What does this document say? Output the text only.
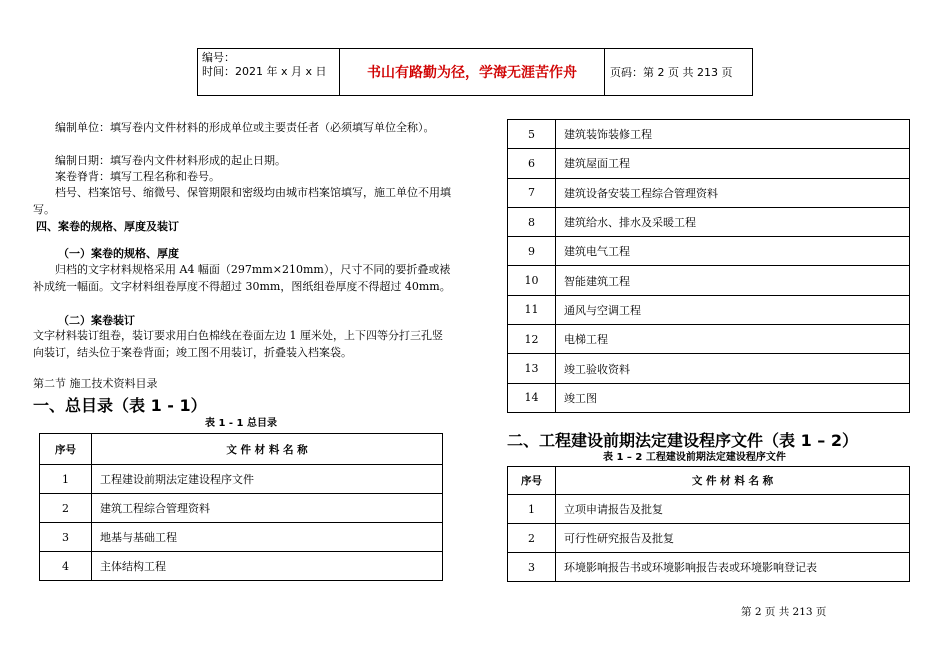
编号：
时间：2021 年 x 月 x 日	书山有路勤为径，学海无涯苦作舟	页码：第 2 页 共 213 页
编制单位：填写卷内文件材料的形成单位或主要责任者（必须填写单位全称）。
编制日期：填写卷内文件材料形成的起止日期。
案卷脊背：填写工程名称和卷号。
档号、档案馆号、缩微号、保管期限和密级均由城市档案馆填写，施工单位不用填写。
四、案卷的规格、厚度及装订
（一）案卷的规格、厚度
归档的文字材料规格采用 A4 幅面（297mm×210mm），尺寸不同的要折叠或裱补成统一幅面。文字材料组卷厚度不得超过 30mm，图纸组卷厚度不得超过 40mm。
（二）案卷装订
文字材料装订组卷，装订要求用白色棉线在卷面左边 1 厘米处，上下四等分打三孔竖向装订，结头位于案卷背面；竣工图不用装订，折叠装入档案袋。
第二节 施工技术资料目录
一、总目录（表 1 - 1）
表 1 - 1 总目录
序号	文 件 材 料 名 称
1	工程建设前期法定建设程序文件
2	建筑工程综合管理资料
3	地基与基础工程
4	主体结构工程
5	建筑装饰装修工程
6	建筑屋面工程
7	建筑设备安装工程综合管理资料
8	建筑给水、排水及采暖工程
9	建筑电气工程
10	智能建筑工程
11	通风与空调工程
12	电梯工程
13	竣工验收资料
14	竣工图
二、工程建设前期法定建设程序文件（表 1 – 2）
表 1 – 2 工程建设前期法定建设程序文件
序号	文 件 材 料 名 称
1	立项申请报告及批复
2	可行性研究报告及批复
3	环境影响报告书或环境影响报告表或环境影响登记表
第 2 页 共 213 页
